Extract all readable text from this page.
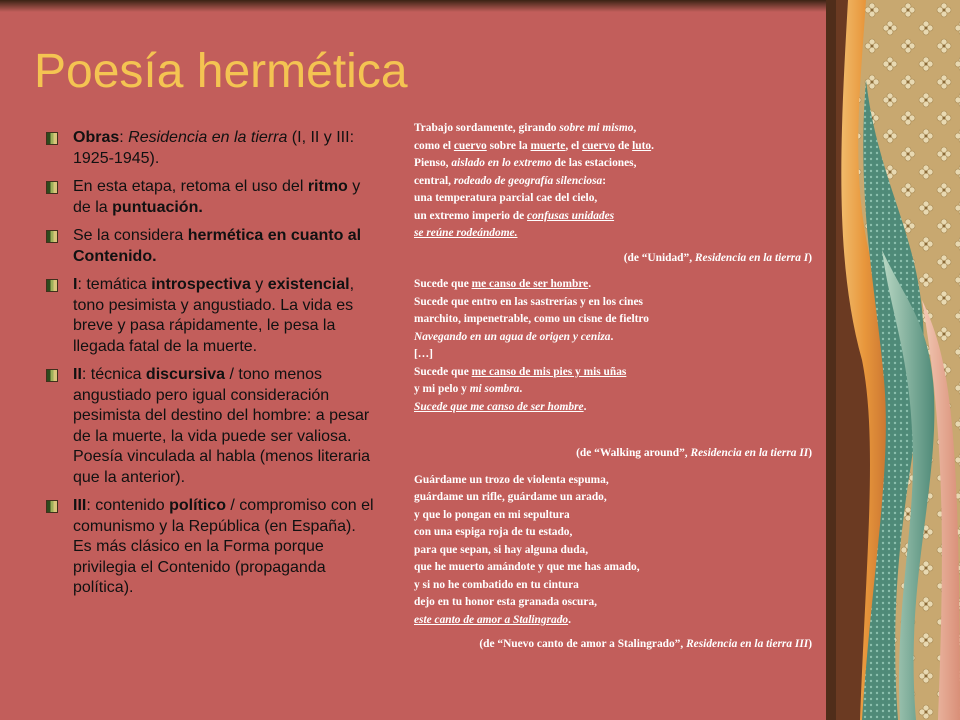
Poesía hermética
Obras: Residencia en la tierra (I, II y III: 1925-1945).
En esta etapa, retoma el uso del ritmo y de la puntuación.
Se la considera hermética en cuanto al Contenido.
I: temática introspectiva y existencial, tono pesimista y angustiado. La vida es breve y pasa rápidamente, le pesa la llegada fatal de la muerte.
II: técnica discursiva / tono menos angustiado pero igual consideración pesimista del destino del hombre: a pesar de la muerte, la vida puede ser valiosa. Poesía vinculada al habla (menos literaria que la anterior).
III: contenido político / compromiso con el comunismo y la República (en España). Es más clásico en la Forma porque privilegia el Contenido (propaganda política).
Trabajo sordamente, girando sobre mi mismo,
como el cuervo sobre la muerte, el cuervo de luto.
Pienso, aislado en lo extremo de las estaciones,
central, rodeado de geografía silenciosa:
una temperatura parcial cae del cielo,
un extremo imperio de confusas unidades
se reúne rodeándome.
(de “Unidad”, Residencia en la tierra I)
Sucede que me canso de ser hombre.
Sucede que entro en las sastrerías y en los cines
marchito, impenetrable, como un cisne de fieltro
Navegando en un agua de origen y ceniza.
[…]
Sucede que me canso de mis pies y mis uñas
y mi pelo y mi sombra.
Sucede que me canso de ser hombre.
(de “Walking around”, Residencia en la tierra II)
Guárdame un trozo de violenta espuma,
guárdame un rifle, guárdame un arado,
y que lo pongan en mi sepultura
con una espiga roja de tu estado,
para que sepan, si hay alguna duda,
que he muerto amándote y que me has amado,
y si no he combatido en tu cintura
dejo en tu honor esta granada oscura,
este canto de amor a Stalingrado.
(de “Nuevo canto de amor a Stalingrado”, Residencia en la tierra III)
